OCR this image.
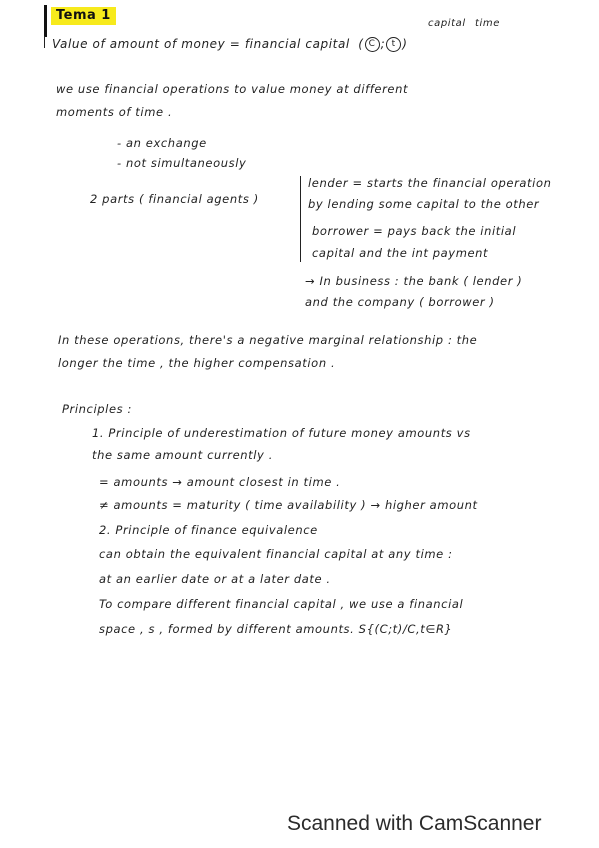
Tema 1
capital time
Value of amount of money = financial capital ( C ; t )
we use financial operations to value money at different
moments of time .
- an exchange
- not simultaneously
2 parts ( financial agents )
lender = starts the financial operation
by lending some capital to the other
borrower = pays back the initial
capital and the int payment
→ In business : the bank ( lender )
and the company ( borrower )
In these operations, there's a negative marginal relationship : the
longer the time , the higher compensation .
Principles :
1. Principle of underestimation of future money amounts vs
the same amount currently .
= amounts → amount closest in time .
≠ amounts = maturity ( time availability ) → higher amount
2. Principle of finance equivalence
can obtain the equivalent financial capital at any time :
at an earlier date or at a later date .
To compare different financial capital , we use a financial
space , s , formed by different amounts. S{(C;t)/C,t∈R}
Scanned with CamScanner
